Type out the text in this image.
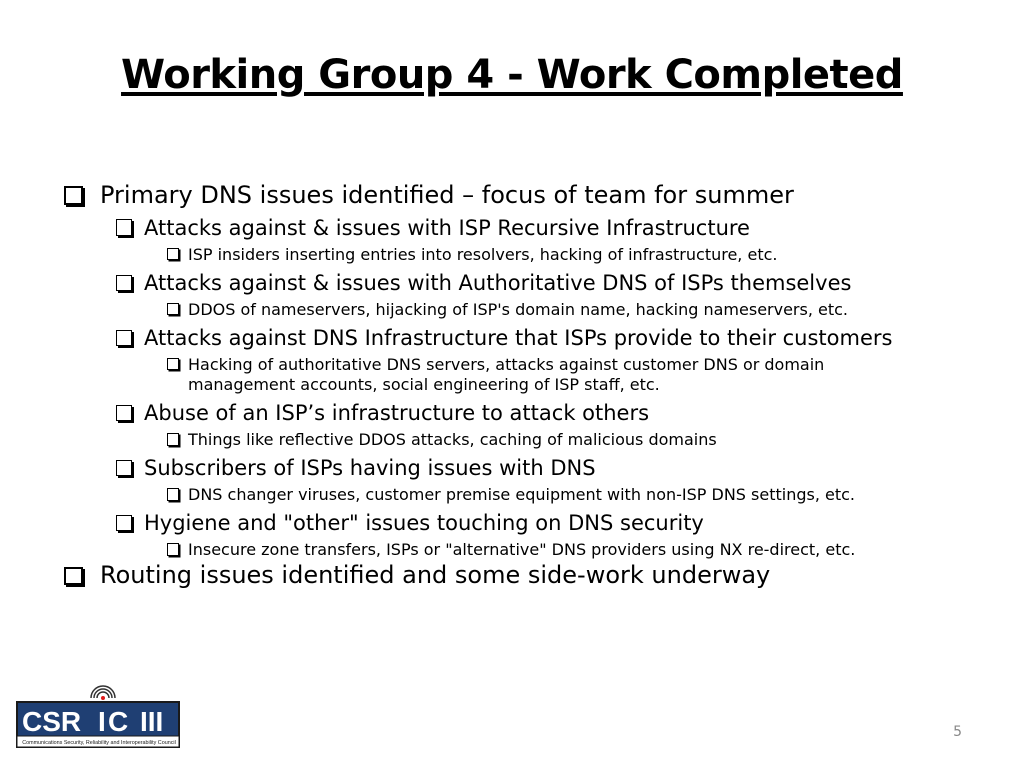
Working Group 4 - Work Completed
Primary DNS issues identified – focus of team for summer
Attacks against & issues with ISP Recursive Infrastructure
ISP insiders inserting entries into resolvers, hacking of infrastructure, etc.
Attacks against & issues with Authoritative DNS of ISPs themselves
DDOS of nameservers, hijacking of ISP's domain name, hacking nameservers, etc.
Attacks against DNS Infrastructure that ISPs provide to their customers
Hacking of authoritative DNS servers, attacks against customer DNS or domain management accounts, social engineering of ISP staff, etc.
Abuse of an ISP’s infrastructure to attack others
Things like reflective DDOS attacks, caching of malicious domains
Subscribers of ISPs having issues with DNS
DNS changer viruses, customer premise equipment with non-ISP DNS settings, etc.
Hygiene and "other" issues touching on DNS security
Insecure zone transfers, ISPs or "alternative" DNS providers using NX re-direct, etc.
Routing issues identified and some side-work underway
CSR I C III
Communications Security, Reliability and Interoperability Council
5
